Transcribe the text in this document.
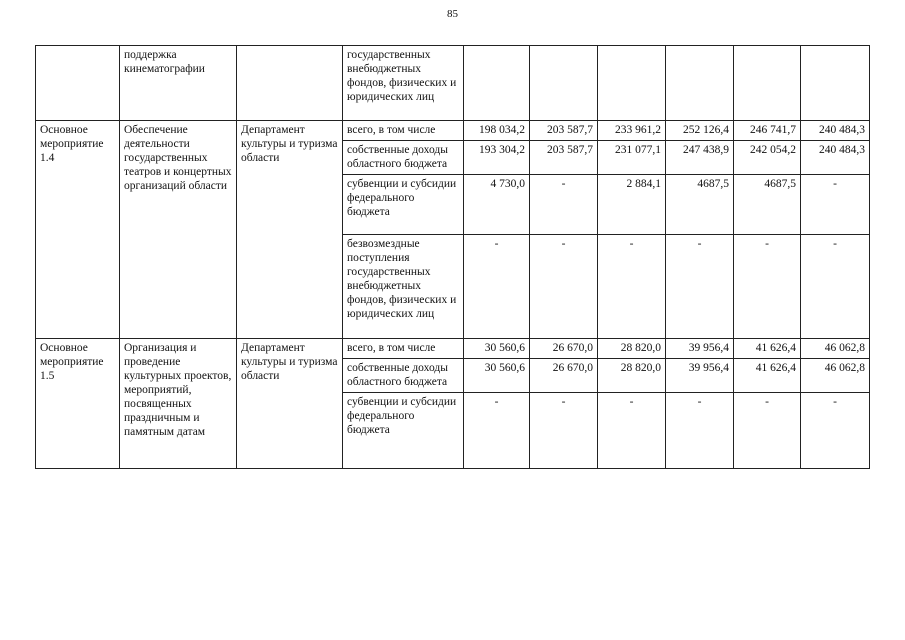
85
	поддержка кинематографии		государственных внебюджетных фондов, физических и юридических лиц						
Основное мероприятие 1.4	Обеспечение деятельности государственных театров и концертных организаций области	Департамент культуры и туризма области	всего, в том числе	198 034,2	203 587,7	233 961,2	252 126,4	246 741,7	240 484,3
			собственные доходы областного бюджета	193 304,2	203 587,7	231 077,1	247 438,9	242 054,2	240 484,3
			субвенции и субсидии федерального бюджета	4 730,0	-	2 884,1	4687,5	4687,5	-
			безвозмездные поступления государственных внебюджетных фондов, физических и юридических лиц	-	-	-	-	-	-
Основное мероприятие 1.5	Организация и проведение культурных проектов, мероприятий, посвященных праздничным и памятным датам	Департамент культуры и туризма области	всего, в том числе	30 560,6	26 670,0	28 820,0	39 956,4	41 626,4	46 062,8
			собственные доходы областного бюджета	30 560,6	26 670,0	28 820,0	39 956,4	41 626,4	46 062,8
			субвенции и субсидии федерального бюджета	-	-	-	-	-	-
